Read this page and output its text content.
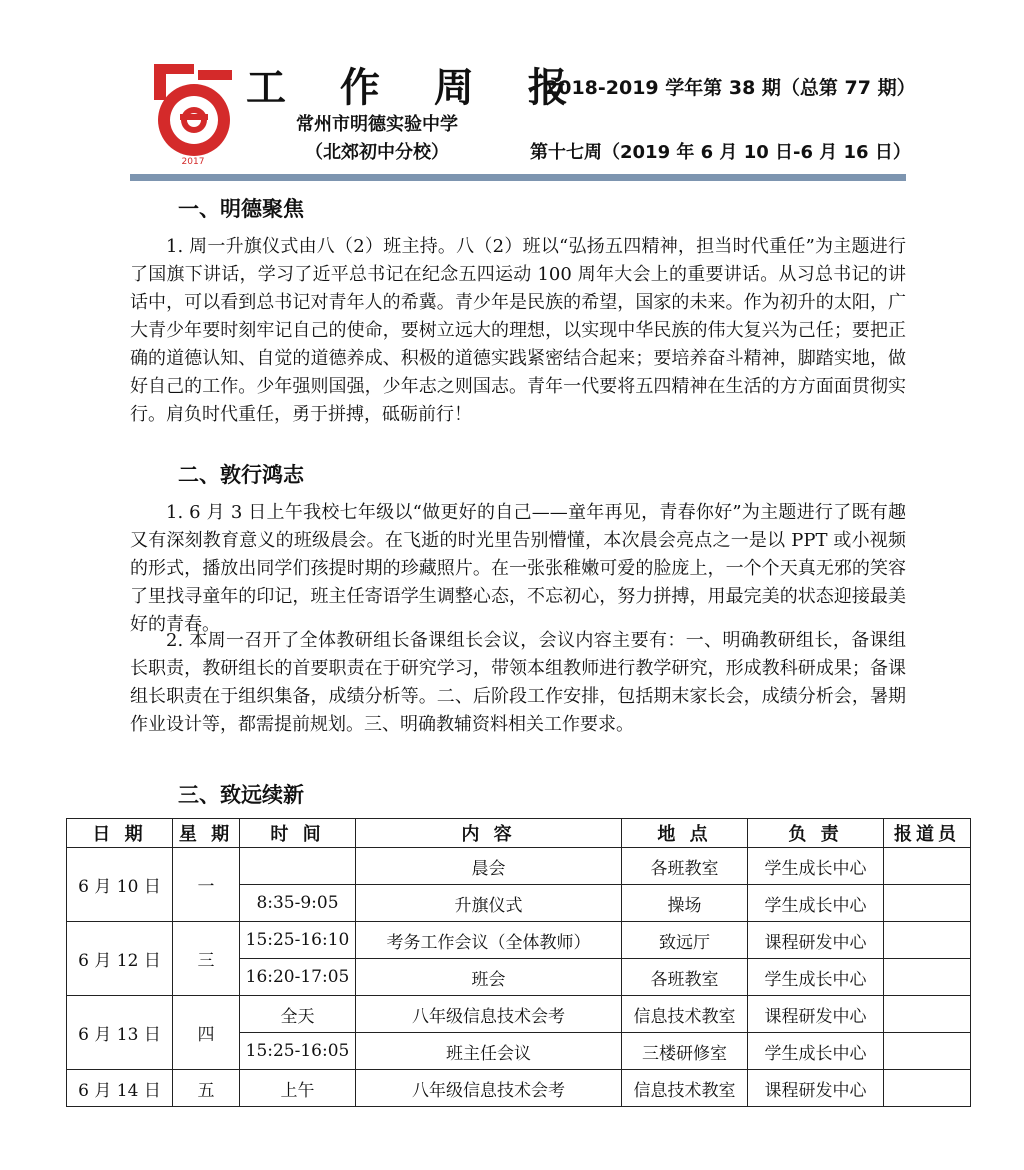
2017
工 作 周 报
2018-2019 学年第 38 期（总第 77 期）
常州市明德实验中学
（北郊初中分校）	第十七周（2019 年 6 月 10 日-6 月 16 日）
一、明德聚焦

1. 周一升旗仪式由八（2）班主持。八（2）班以“弘扬五四精神，担当时代重任”为主题进行了国旗下讲话，学习了近平总书记在纪念五四运动 100 周年大会上的重要讲话。从习总书记的讲话中，可以看到总书记对青年人的希冀。青少年是民族的希望，国家的未来。作为初升的太阳，广大青少年要时刻牢记自己的使命，要树立远大的理想，以实现中华民族的伟大复兴为己任；要把正确的道德认知、自觉的道德养成、积极的道德实践紧密结合起来；要培养奋斗精神，脚踏实地，做好自己的工作。少年强则国强，少年志之则国志。青年一代要将五四精神在生活的方方面面贯彻实行。肩负时代重任，勇于拼搏，砥砺前行！

二、敦行鸿志

1. 6 月 3 日上午我校七年级以“做更好的自己——童年再见，青春你好”为主题进行了既有趣又有深刻教育意义的班级晨会。在飞逝的时光里告别懵懂，本次晨会亮点之一是以 PPT 或小视频的形式，播放出同学们孩提时期的珍藏照片。在一张张稚嫩可爱的脸庞上，一个个天真无邪的笑容了里找寻童年的印记，班主任寄语学生调整心态，不忘初心，努力拼搏，用最完美的状态迎接最美好的青春。

2. 本周一召开了全体教研组长备课组长会议，会议内容主要有：一、明确教研组长，备课组长职责，教研组长的首要职责在于研究学习，带领本组教师进行教学研究，形成教科研成果；备课组长职责在于组织集备，成绩分析等。二、后阶段工作安排，包括期末家长会，成绩分析会，暑期作业设计等，都需提前规划。三、明确教辅资料相关工作要求。

三、致远续新
日 期	星 期	时 间	内 容	地 点	负 责	报道员
6 月 10 日	一		晨会	各班教室	学生成长中心	
		8:35-9:05	升旗仪式	操场	学生成长中心	
6 月 12 日	三	15:25-16:10	考务工作会议（全体教师）	致远厅	课程研发中心	
		16:20-17:05	班会	各班教室	学生成长中心	
6 月 13 日	四	全天	八年级信息技术会考	信息技术教室	课程研发中心	
		15:25-16:05	班主任会议	三楼研修室	学生成长中心	
6 月 14 日	五	上午	八年级信息技术会考	信息技术教室	课程研发中心	
